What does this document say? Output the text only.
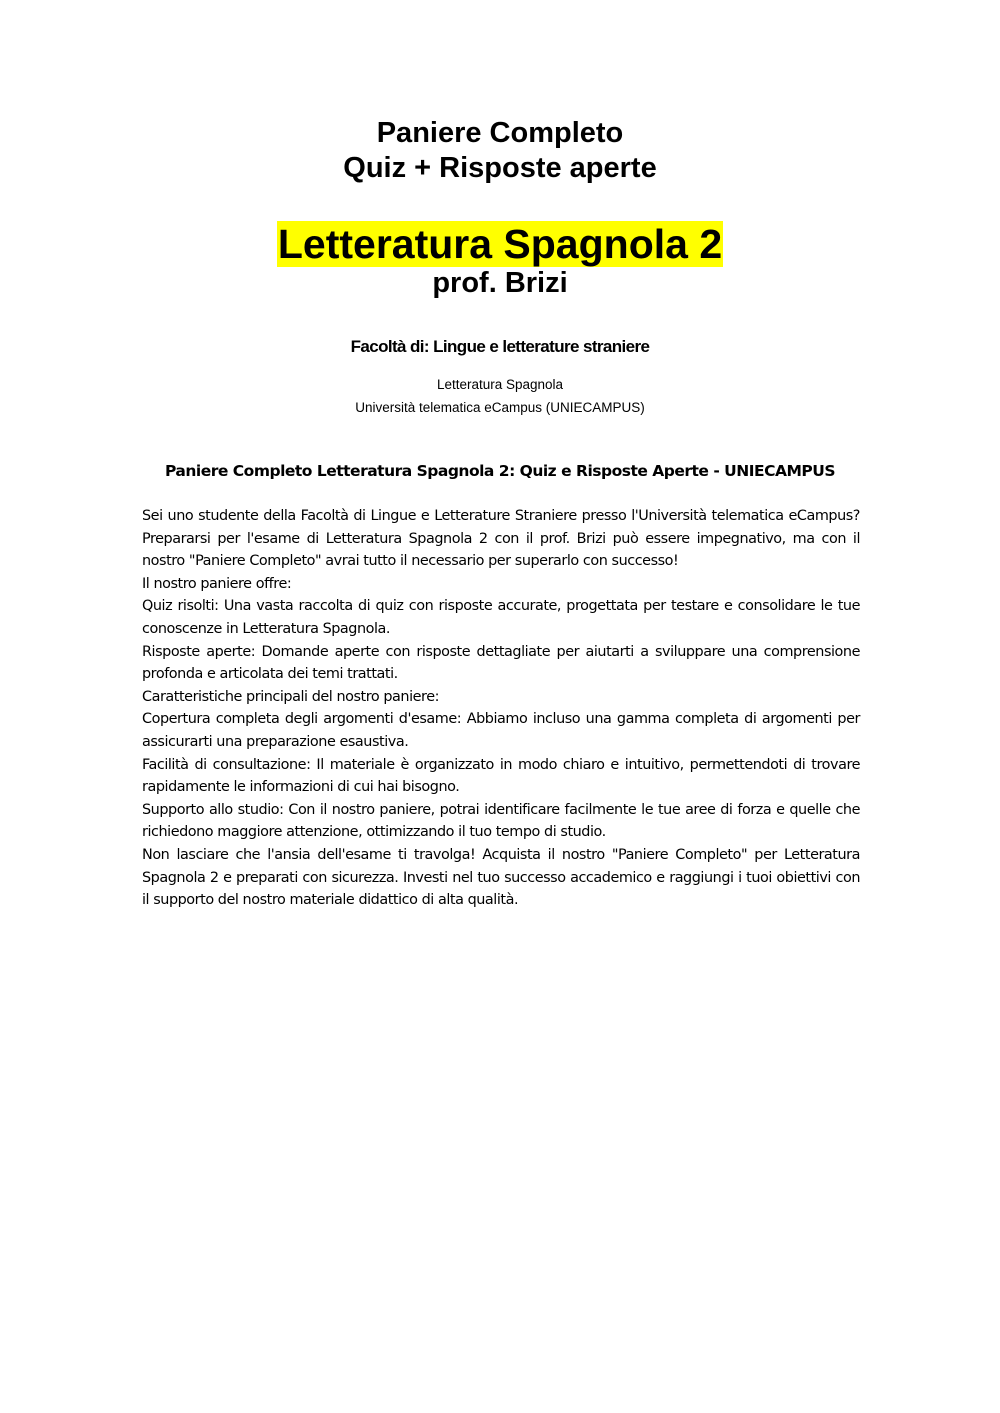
Paniere Completo
Quiz + Risposte aperte
Letteratura Spagnola 2
prof. Brizi
Facoltà di: Lingue e letterature straniere
Letteratura Spagnola
Università telematica eCampus (UNIECAMPUS)
Paniere Completo Letteratura Spagnola 2: Quiz e Risposte Aperte - UNIECAMPUS

Sei uno studente della Facoltà di Lingue e Letterature Straniere presso l'Università telematica eCampus? Prepararsi per l'esame di Letteratura Spagnola 2 con il prof. Brizi può essere impegnativo, ma con il nostro "Paniere Completo" avrai tutto il necessario per superarlo con successo!

Il nostro paniere offre:

Quiz risolti: Una vasta raccolta di quiz con risposte accurate, progettata per testare e consolidare le tue conoscenze in Letteratura Spagnola.

Risposte aperte: Domande aperte con risposte dettagliate per aiutarti a sviluppare una comprensione profonda e articolata dei temi trattati.

Caratteristiche principali del nostro paniere:

Copertura completa degli argomenti d'esame: Abbiamo incluso una gamma completa di argomenti per assicurarti una preparazione esaustiva.

Facilità di consultazione: Il materiale è organizzato in modo chiaro e intuitivo, permettendoti di trovare rapidamente le informazioni di cui hai bisogno.

Supporto allo studio: Con il nostro paniere, potrai identificare facilmente le tue aree di forza e quelle che richiedono maggiore attenzione, ottimizzando il tuo tempo di studio.

Non lasciare che l'ansia dell'esame ti travolga! Acquista il nostro "Paniere Completo" per Letteratura Spagnola 2 e preparati con sicurezza. Investi nel tuo successo accademico e raggiungi i tuoi obiettivi con il supporto del nostro materiale didattico di alta qualità.
